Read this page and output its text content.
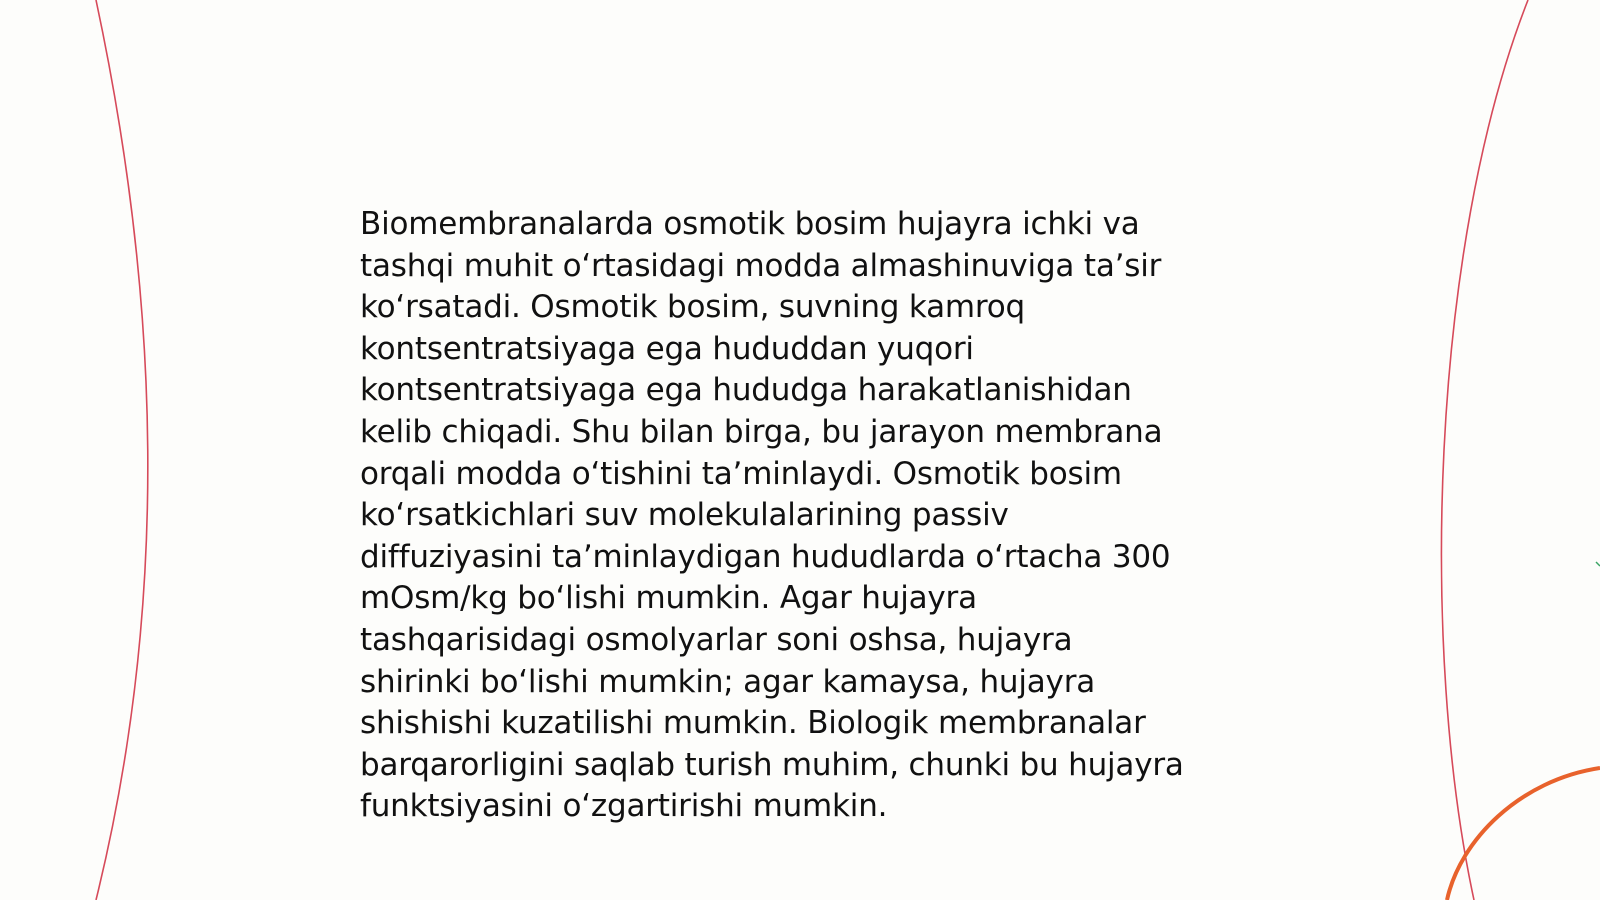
Biomembranalarda osmotik bosim hujayra ichki va
tashqi muhit o‘rtasidagi modda almashinuviga ta’sir
ko‘rsatadi. Osmotik bosim, suvning kamroq
kontsentratsiyaga ega hududdan yuqori
kontsentratsiyaga ega hududga harakatlanishidan
kelib chiqadi. Shu bilan birga, bu jarayon membrana
orqali modda o‘tishini ta’minlaydi. Osmotik bosim
ko‘rsatkichlari suv molekulalarining passiv
diffuziyasini ta’minlaydigan hududlarda o‘rtacha 300
mOsm/kg bo‘lishi mumkin. Agar hujayra
tashqarisidagi osmolyarlar soni oshsa, hujayra
shirinki bo‘lishi mumkin; agar kamaysa, hujayra
shishishi kuzatilishi mumkin. Biologik membranalar
barqarorligini saqlab turish muhim, chunki bu hujayra
funktsiyasini o‘zgartirishi mumkin.
